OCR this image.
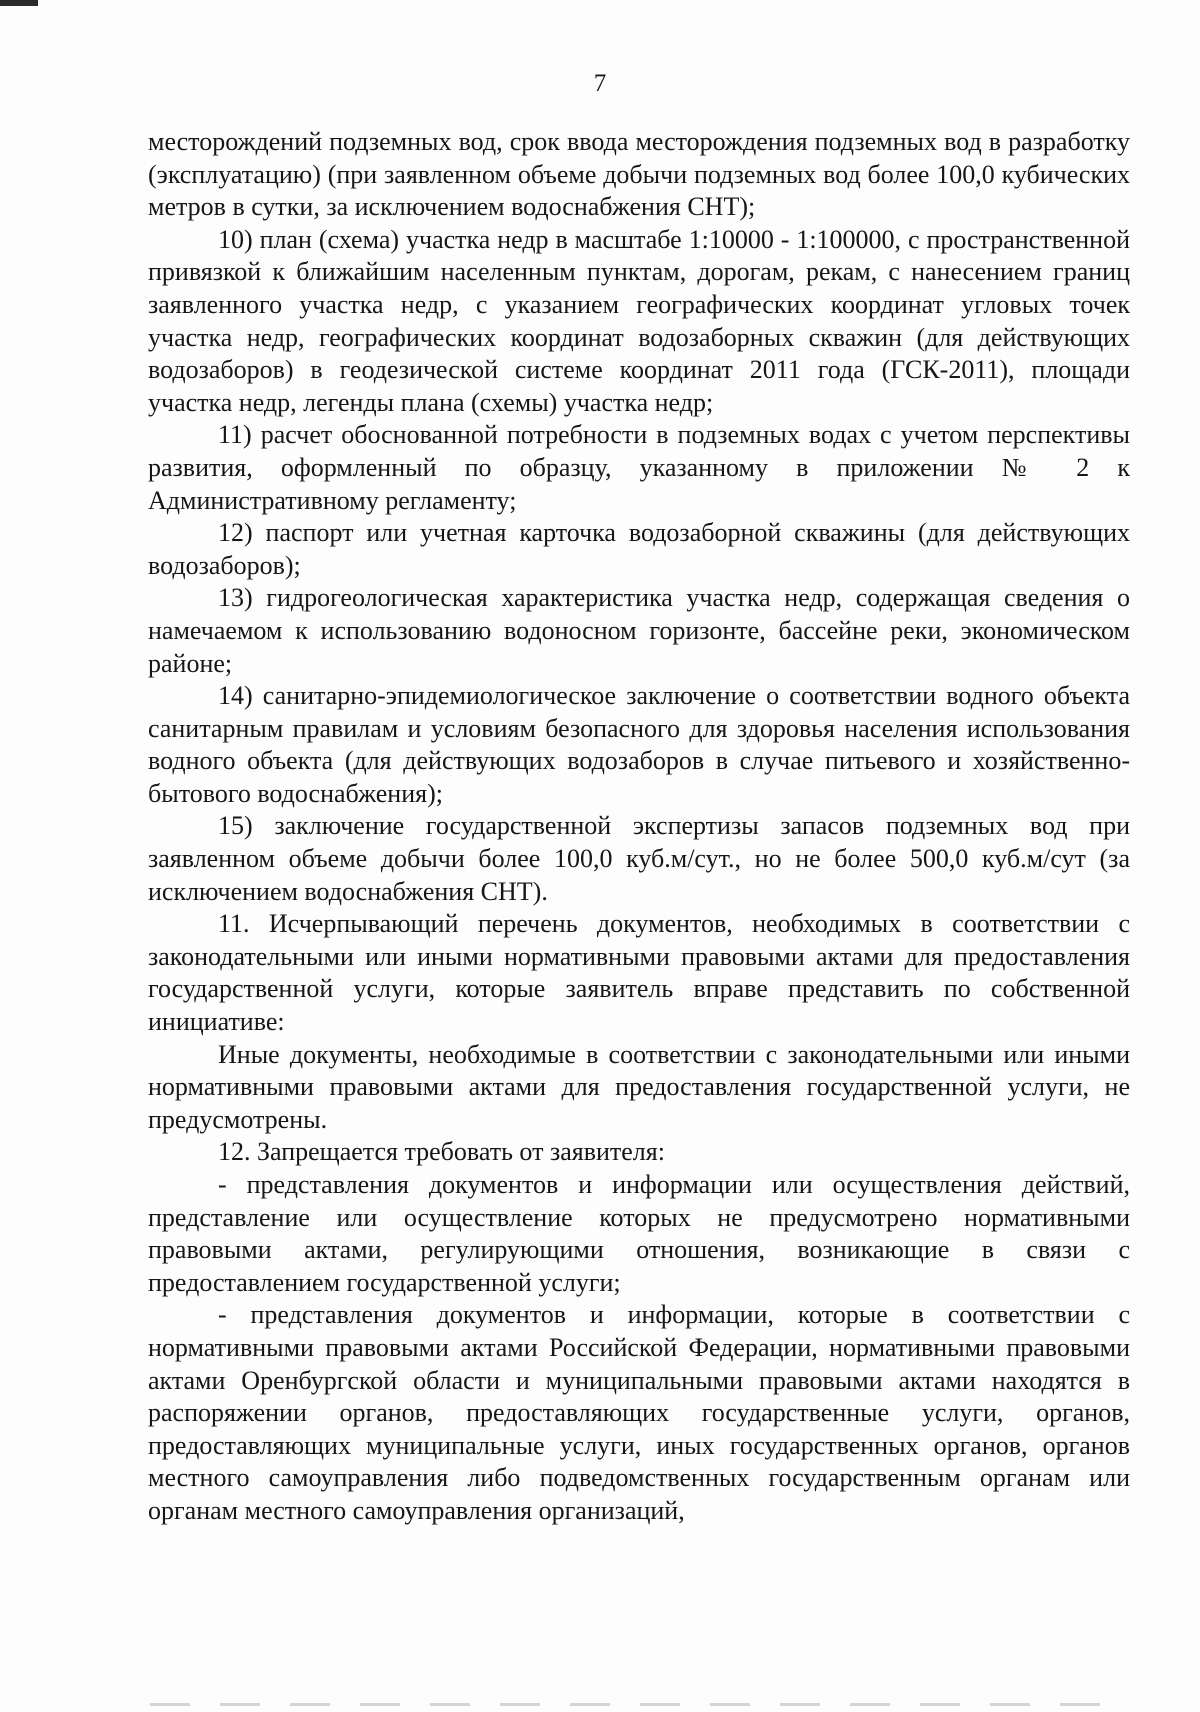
7

месторождений подземных вод, срок ввода месторождения подземных вод в разработку (эксплуатацию) (при заявленном объеме добычи подземных вод более 100,0 кубических метров в сутки, за исключением водоснабжения СНТ);

10) план (схема) участка недр в масштабе 1:10000 - 1:100000, с пространственной привязкой к ближайшим населенным пунктам, дорогам, рекам, с нанесением границ заявленного участка недр, с указанием географических координат угловых точек участка недр, географических координат водозаборных скважин (для действующих водозаборов) в геодезической системе координат 2011 года (ГСК-2011), площади участка недр, легенды плана (схемы) участка недр;

11) расчет обоснованной потребности в подземных водах с учетом перспективы развития, оформленный по образцу, указанному в приложении № 2 к Административному регламенту;

12) паспорт или учетная карточка водозаборной скважины (для действующих водозаборов);

13) гидрогеологическая характеристика участка недр, содержащая сведения о намечаемом к использованию водоносном горизонте, бассейне реки, экономическом районе;

14) санитарно-эпидемиологическое заключение о соответствии водного объекта санитарным правилам и условиям безопасного для здоровья населения использования водного объекта (для действующих водозаборов в случае питьевого и хозяйственно-бытового водоснабжения);

15) заключение государственной экспертизы запасов подземных вод при заявленном объеме добычи более 100,0 куб.м/сут., но не более 500,0 куб.м/сут (за исключением водоснабжения СНТ).

11. Исчерпывающий перечень документов, необходимых в соответствии с законодательными или иными нормативными правовыми актами для предоставления государственной услуги, которые заявитель вправе представить по собственной инициативе:

Иные документы, необходимые в соответствии с законодательными или иными нормативными правовыми актами для предоставления государственной услуги, не предусмотрены.

12. Запрещается требовать от заявителя:

- представления документов и информации или осуществления действий, представление или осуществление которых не предусмотрено нормативными правовыми актами, регулирующими отношения, возникающие в связи с предоставлением государственной услуги;

- представления документов и информации, которые в соответствии с нормативными правовыми актами Российской Федерации, нормативными правовыми актами Оренбургской области и муниципальными правовыми актами находятся в распоряжении органов, предоставляющих государственные услуги, органов, предоставляющих муниципальные услуги, иных государственных органов, органов местного самоуправления либо подведомственных государственным органам или органам местного самоуправления организаций,
